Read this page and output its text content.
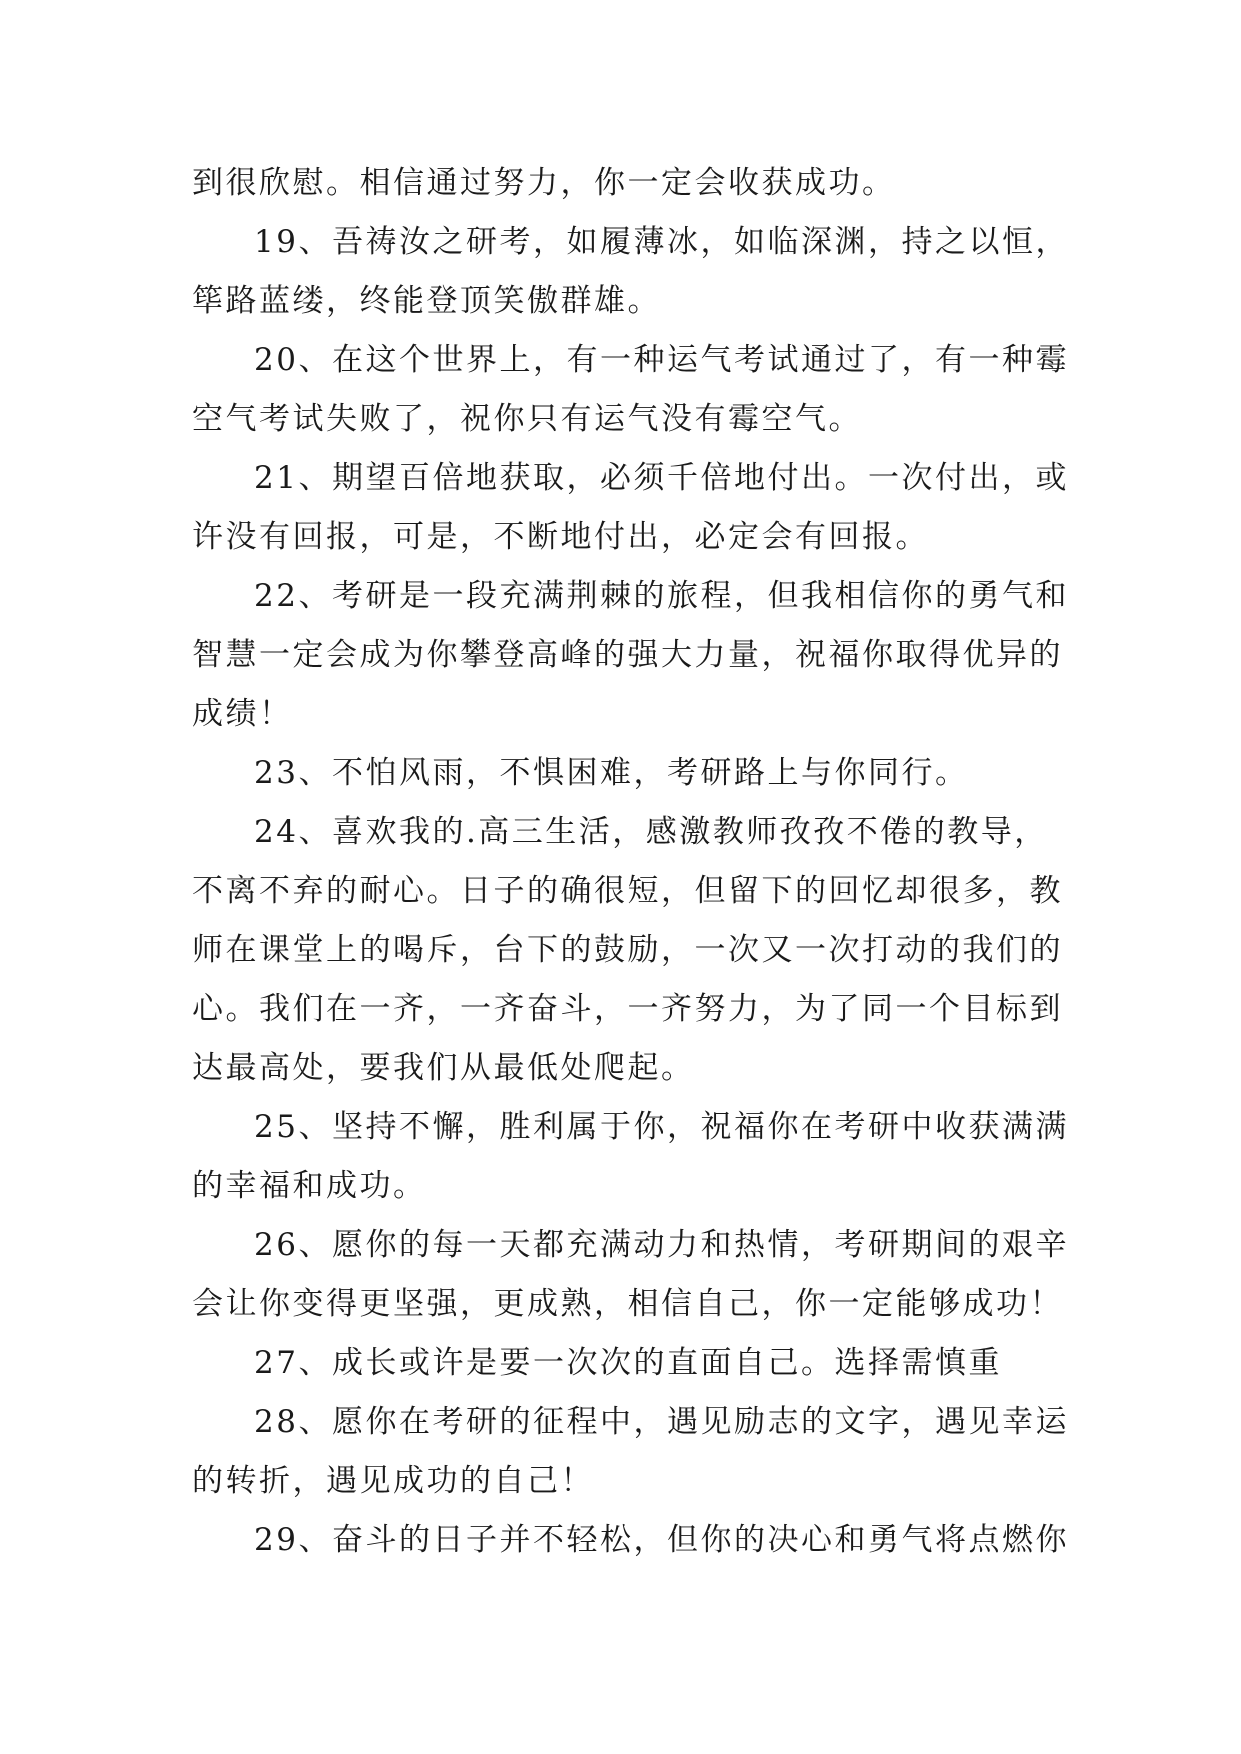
到很欣慰。相信通过努力，你一定会收获成功。
19、吾祷汝之研考，如履薄冰，如临深渊，持之以恒，
筚路蓝缕，终能登顶笑傲群雄。
20、在这个世界上，有一种运气考试通过了，有一种霉
空气考试失败了，祝你只有运气没有霉空气。
21、期望百倍地获取，必须千倍地付出。一次付出，或
许没有回报，可是，不断地付出，必定会有回报。
22、考研是一段充满荆棘的旅程，但我相信你的勇气和
智慧一定会成为你攀登高峰的强大力量，祝福你取得优异的
成绩！
23、不怕风雨，不惧困难，考研路上与你同行。
24、喜欢我的.高三生活，感激教师孜孜不倦的教导，
不离不弃的耐心。日子的确很短，但留下的回忆却很多，教
师在课堂上的喝斥，台下的鼓励，一次又一次打动的我们的
心。我们在一齐，一齐奋斗，一齐努力，为了同一个目标到
达最高处，要我们从最低处爬起。
25、坚持不懈，胜利属于你，祝福你在考研中收获满满
的幸福和成功。
26、愿你的每一天都充满动力和热情，考研期间的艰辛
会让你变得更坚强，更成熟，相信自己，你一定能够成功！
27、成长或许是要一次次的直面自己。选择需慎重
28、愿你在考研的征程中，遇见励志的文字，遇见幸运
的转折，遇见成功的自己！
29、奋斗的日子并不轻松，但你的决心和勇气将点燃你
